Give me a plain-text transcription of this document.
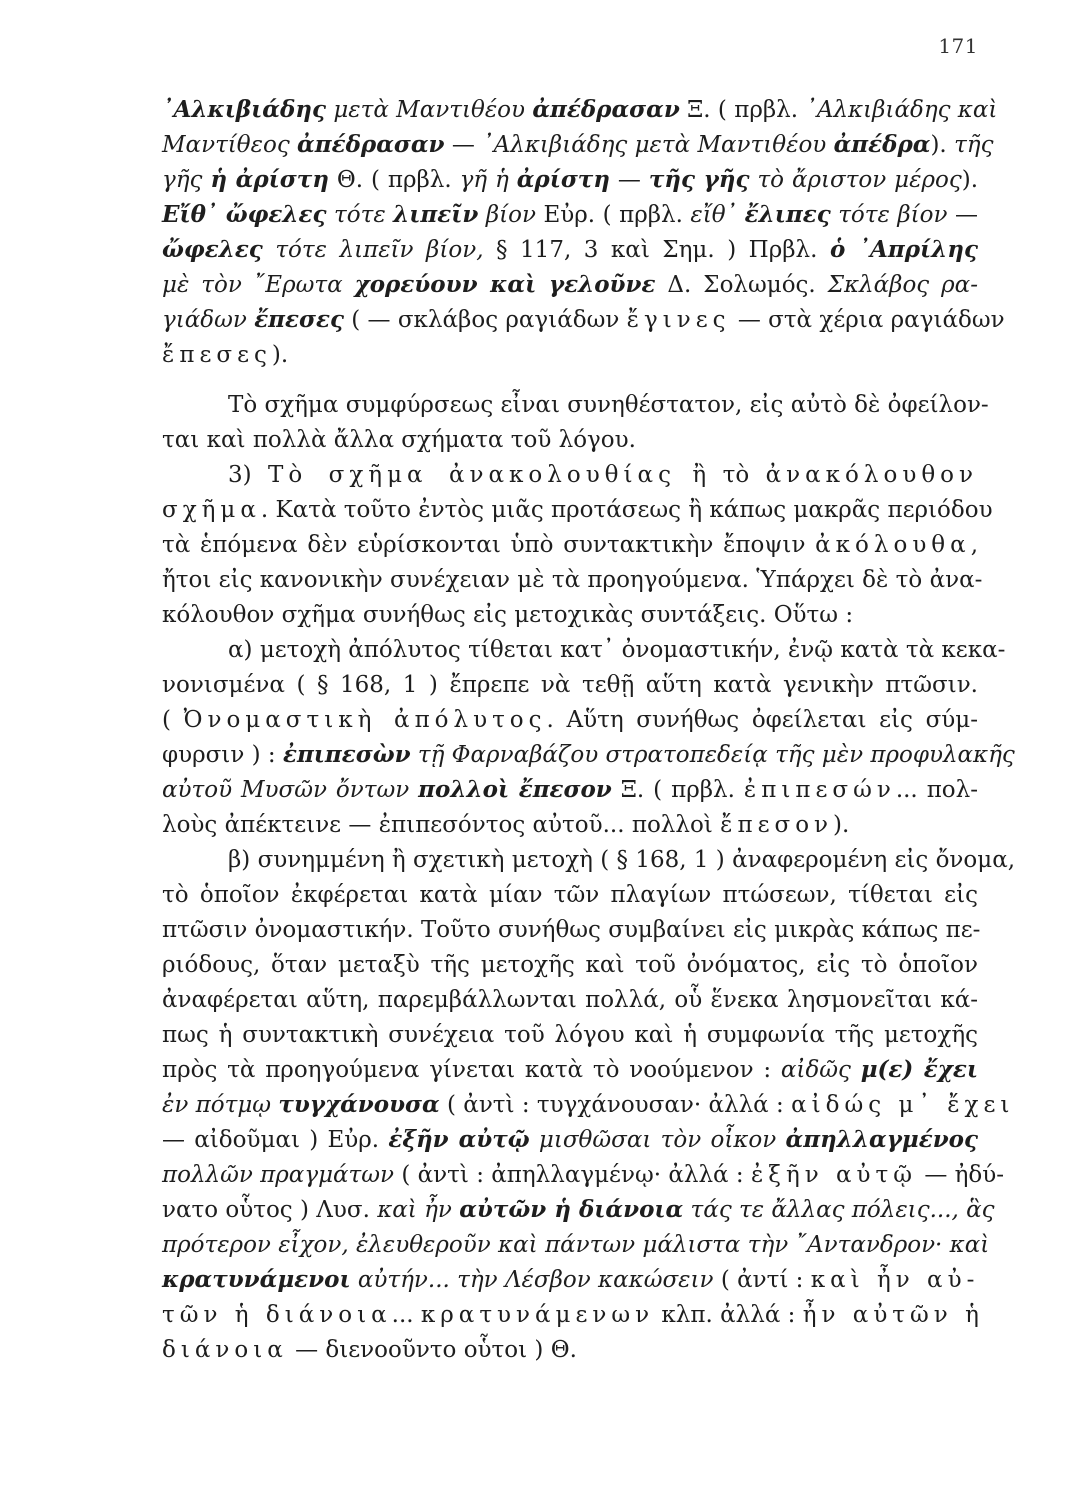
171
᾿Αλκιβιάδης μετὰ Μαντιθέου ἀπέδρασαν Ξ. ( πρβλ. ᾿Αλκιβιάδης καὶ
Μαντίθεος ἀπέδρασαν — ᾿Αλκιβιάδης μετὰ Μαντιθέου ἀπέδρα). τῆς
γῆς ἡ ἀρίστη Θ. ( πρβλ. γῆ ἡ ἀρίστη — τῆς γῆς τὸ ἄριστον μέρος).
Εἴθ᾿ ὤφελες τότε λιπεῖν βίον Εὐρ. ( πρβλ. εἴθ᾿ ἔλιπες τότε βίον —
ὤφελες τότε λιπεῖν βίον, § 117, 3 καὶ Σημ. ) Πρβλ. ὁ ᾿Απρίλης
μὲ τὸν ῎Ερωτα χορεύουν καὶ γελοῦνε Δ. Σολωμός. Σκλάβος ρα-
γιάδων ἔπεσες ( — σκλάβος ραγιάδων ἔγινες — στὰ χέρια ραγιάδων
ἔπεσες).
Τὸ σχῆμα συμφύρσεως εἶναι συνηθέστατον, εἰς αὐτὸ δὲ ὀφείλον-
ται καὶ πολλὰ ἄλλα σχήματα τοῦ λόγου.
3) Τὸ σχῆμα ἀνακολουθίας ἢ τὸ ἀνακόλουθον
σχῆμα. Κατὰ τοῦτο ἐντὸς μιᾶς προτάσεως ἢ κάπως μακρᾶς περιόδου
τὰ ἑπόμενα δὲν εὑρίσκονται ὑπὸ συντακτικὴν ἔποψιν ἀκόλουθα,
ἤτοι εἰς κανονικὴν συνέχειαν μὲ τὰ προηγούμενα. Ὑπάρχει δὲ τὸ ἀνα-
κόλουθον σχῆμα συνήθως εἰς μετοχικὰς συντάξεις. Οὕτω :
α) μετοχὴ ἀπόλυτος τίθεται κατ᾿ ὀνομαστικήν, ἐνῷ κατὰ τὰ κεκα-
νονισμένα ( § 168, 1 ) ἔπρεπε νὰ τεθῇ αὕτη κατὰ γενικὴν πτῶσιν.
( Ὀνομαστικὴ ἀπόλυτος. Αὕτη συνήθως ὀφείλεται εἰς σύμ-
φυρσιν ) : ἐπιπεσὼν τῇ Φαρναβάζου στρατοπεδείᾳ τῆς μὲν προφυλακῆς
αὐτοῦ Μυσῶν ὄντων πολλοὶ ἔπεσον Ξ. ( πρβλ. ἐπιπεσών... πολ-
λοὺς ἀπέκτεινε — ἐπιπεσόντος αὐτοῦ... πολλοὶ ἔπεσον).
β) συνημμένη ἢ σχετικὴ μετοχὴ ( § 168, 1 ) ἀναφερομένη εἰς ὄνομα,
τὸ ὁποῖον ἐκφέρεται κατὰ μίαν τῶν πλαγίων πτώσεων, τίθεται εἰς
πτῶσιν ὀνομαστικήν. Τοῦτο συνήθως συμβαίνει εἰς μικρὰς κάπως πε-
ριόδους, ὅταν μεταξὺ τῆς μετοχῆς καὶ τοῦ ὀνόματος, εἰς τὸ ὁποῖον
ἀναφέρεται αὕτη, παρεμβάλλωνται πολλά, οὗ ἕνεκα λησμονεῖται κά-
πως ἡ συντακτικὴ συνέχεια τοῦ λόγου καὶ ἡ συμφωνία τῆς μετοχῆς
πρὸς τὰ προηγούμενα γίνεται κατὰ τὸ νοούμενον : αἰδῶς μ(ε) ἔχει
ἐν πότμῳ τυγχάνουσα ( ἀντὶ : τυγχάνουσαν· ἀλλά : αἰδώς μ᾿ ἔχει
— αἰδοῦμαι ) Εὐρ. ἐξῆν αὐτῷ μισθῶσαι τὸν οἶκον ἀπηλλαγμένος
πολλῶν πραγμάτων ( ἀντὶ : ἀπηλλαγμένῳ· ἀλλά : ἐξῆν αὐτῷ — ἠδύ-
νατο οὗτος ) Λυσ. καὶ ἦν αὐτῶν ἡ διάνοια τάς τε ἄλλας πόλεις..., ἃς
πρότερον εἶχον, ἐλευθεροῦν καὶ πάντων μάλιστα τὴν ῎Αντανδρον· καὶ
κρατυνάμενοι αὐτήν... τὴν Λέσβον κακώσειν ( ἀντί : καὶ ἦν αὐ-
τῶν ἡ διάνοια... κρατυνάμενων κλπ. ἀλλά : ἦν αὐτῶν ἡ
διάνοια — διενοοῦντο οὗτοι ) Θ.
